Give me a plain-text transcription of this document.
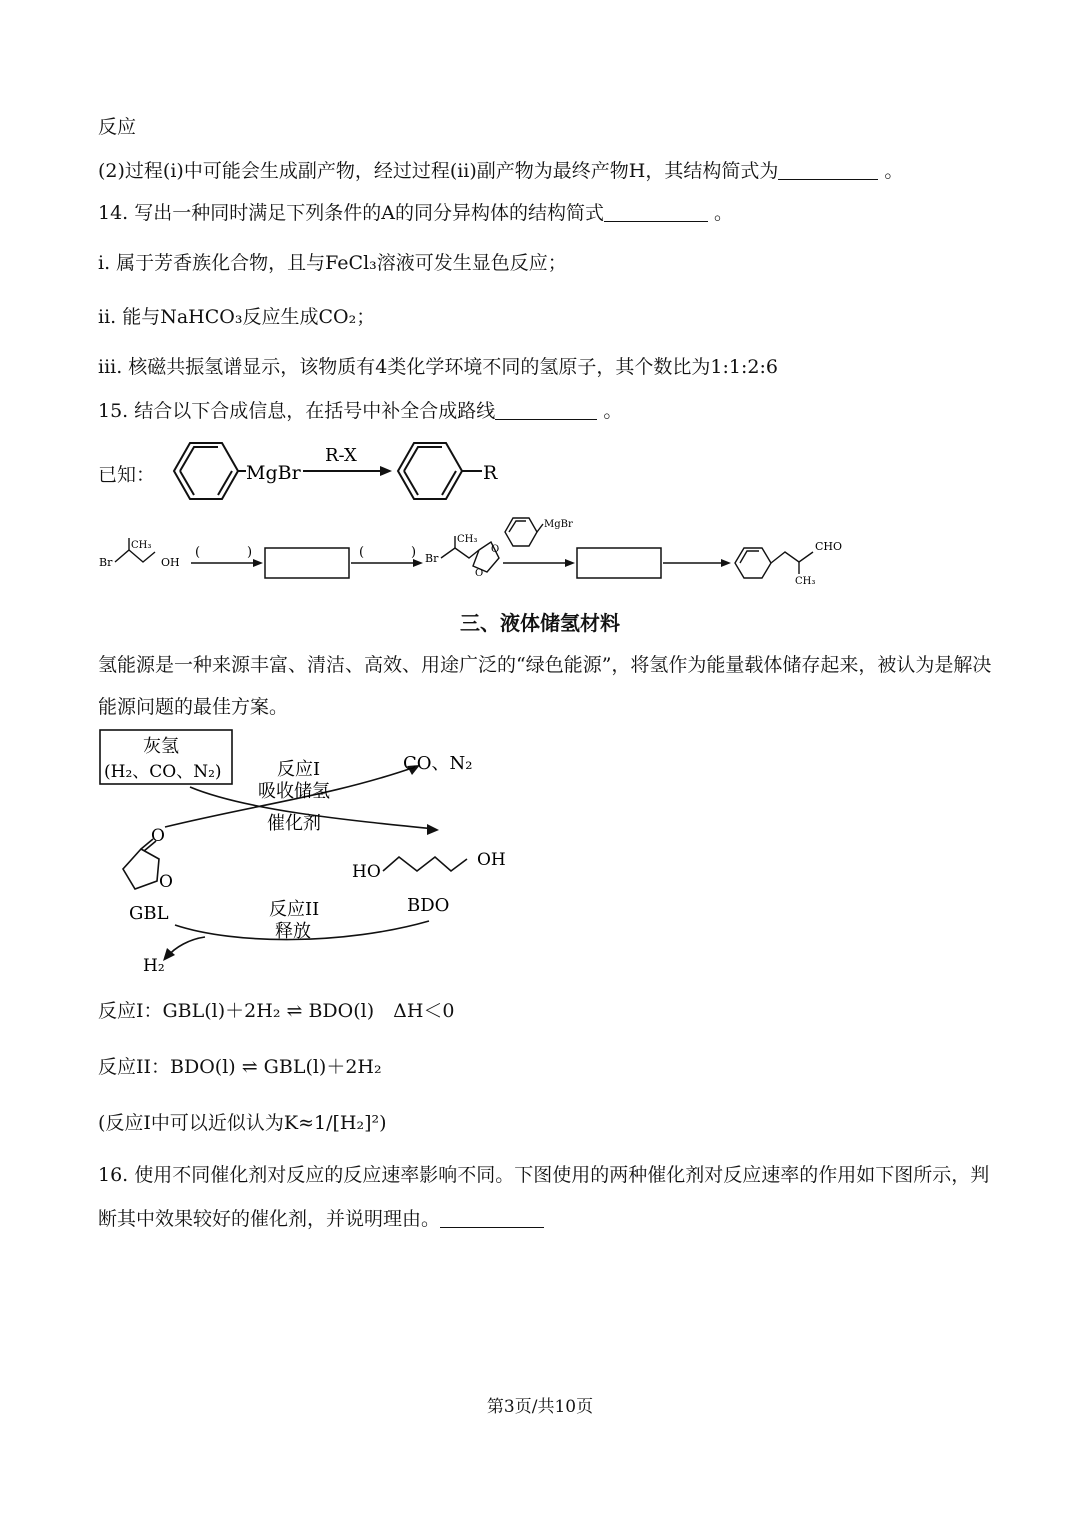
反应
(2)过程(i)中可能会生成副产物，经过过程(ii)副产物为最终产物H，其结构简式为	。
14. 写出一种同时满足下列条件的A的同分异构体的结构简式	。
i. 属于芳香族化合物，且与FeCl₃溶液可发生显色反应；
ii. 能与NaHCO₃反应生成CO₂；
iii. 核磁共振氢谱显示，该物质有4类化学环境不同的氢原子，其个数比为1:1:2:6
15. 结合以下合成信息，在括号中补全合成路线	。
已知：	MgBr
R-X
R
Br
CH₃
OH
(	)	(	) Br
CH₃
O
O
MgBr
CHO
CH₃
三、液体储氢材料
氢能源是一种来源丰富、清洁、高效、用途广泛的“绿色能源”，将氢作为能量载体储存起来，被认为是解决
能源问题的最佳方案。
灰氢
(H₂、CO、N₂)	CO、N₂
反应I
吸收储氢
催化剂
O
O
GBL
HO
OH
BDO
反应II
释放
H₂
反应I：GBL(l)＋2H₂ ⇌ BDO(l)　ΔH＜0
反应II：BDO(l) ⇌ GBL(l)＋2H₂
(反应I中可以近似认为K≈1/[H₂]²)
16. 使用不同催化剂对反应的反应速率影响不同。下图使用的两种催化剂对反应速率的作用如下图所示，判
断其中效果较好的催化剂，并说明理由。
第3页/共10页
